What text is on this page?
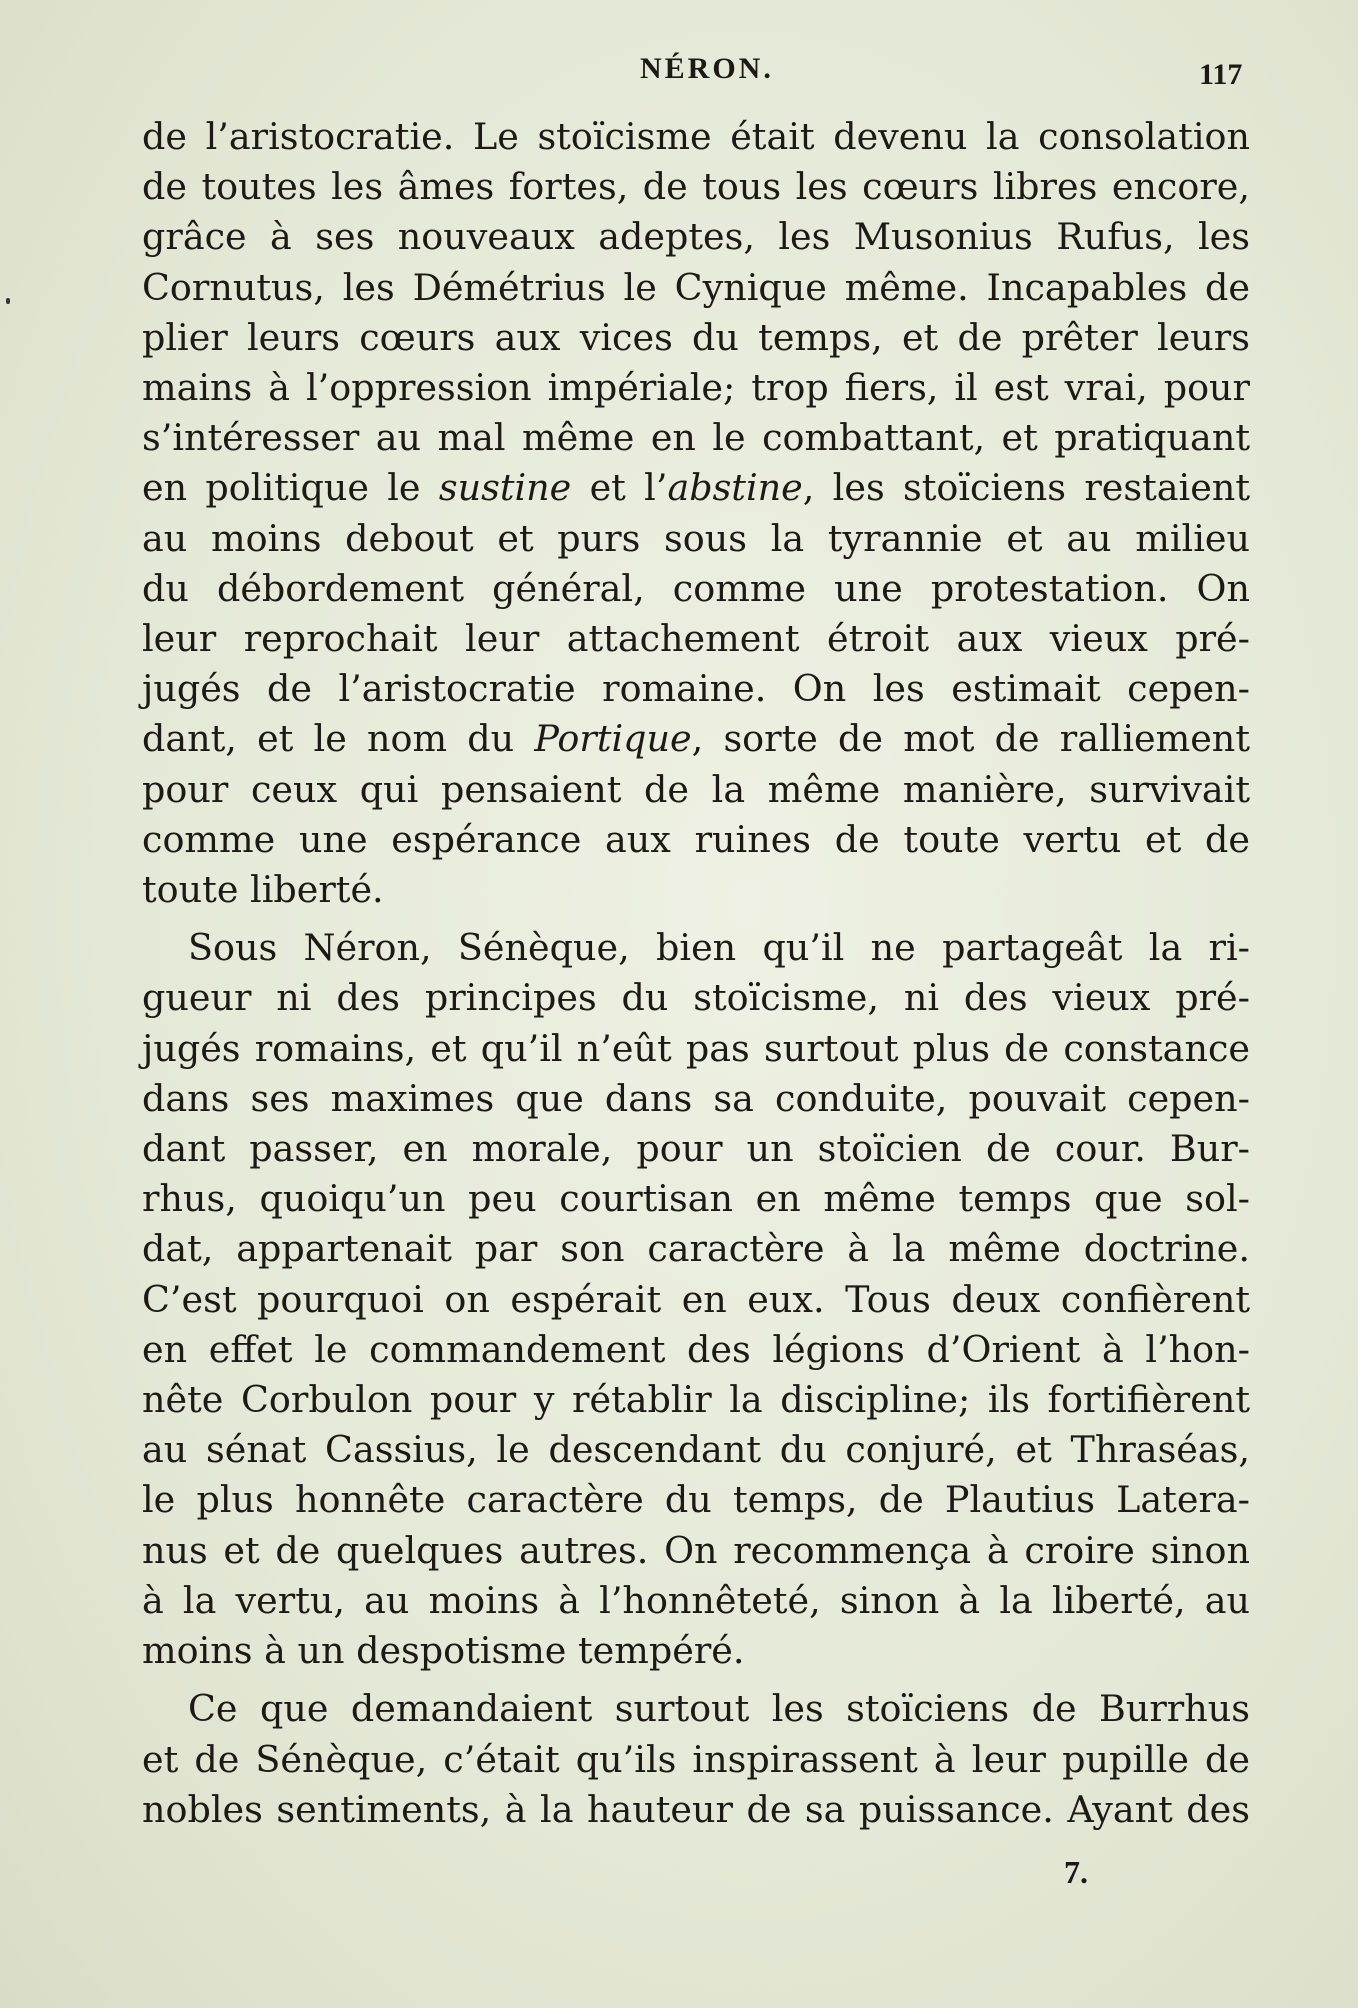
NÉRON.	117
de l’aristocratie. Le stoïcisme était devenu la consolation
de toutes les âmes fortes, de tous les cœurs libres encore,
grâce à ses nouveaux adeptes, les Musonius Rufus, les
Cornutus, les Démétrius le Cynique même. Incapables de
plier leurs cœurs aux vices du temps, et de prêter leurs
mains à l’oppression impériale; trop fiers, il est vrai, pour
s’intéresser au mal même en le combattant, et pratiquant
en politique le sustine et l’abstine, les stoïciens restaient
au moins debout et purs sous la tyrannie et au milieu
du débordement général, comme une protestation. On
leur reprochait leur attachement étroit aux vieux pré-
jugés de l’aristocratie romaine. On les estimait cepen-
dant, et le nom du Portique, sorte de mot de ralliement
pour ceux qui pensaient de la même manière, survivait
comme une espérance aux ruines de toute vertu et de
toute liberté.
Sous Néron, Sénèque, bien qu’il ne partageât la ri-
gueur ni des principes du stoïcisme, ni des vieux pré-
jugés romains, et qu’il n’eût pas surtout plus de constance
dans ses maximes que dans sa conduite, pouvait cepen-
dant passer, en morale, pour un stoïcien de cour. Bur-
rhus, quoiqu’un peu courtisan en même temps que sol-
dat, appartenait par son caractère à la même doctrine.
C’est pourquoi on espérait en eux. Tous deux confièrent
en effet le commandement des légions d’Orient à l’hon-
nête Corbulon pour y rétablir la discipline; ils fortifièrent
au sénat Cassius, le descendant du conjuré, et Thraséas,
le plus honnête caractère du temps, de Plautius Latera-
nus et de quelques autres. On recommença à croire sinon
à la vertu, au moins à l’honnêteté, sinon à la liberté, au
moins à un despotisme tempéré.
Ce que demandaient surtout les stoïciens de Burrhus
et de Sénèque, c’était qu’ils inspirassent à leur pupille de
nobles sentiments, à la hauteur de sa puissance. Ayant des
7.
